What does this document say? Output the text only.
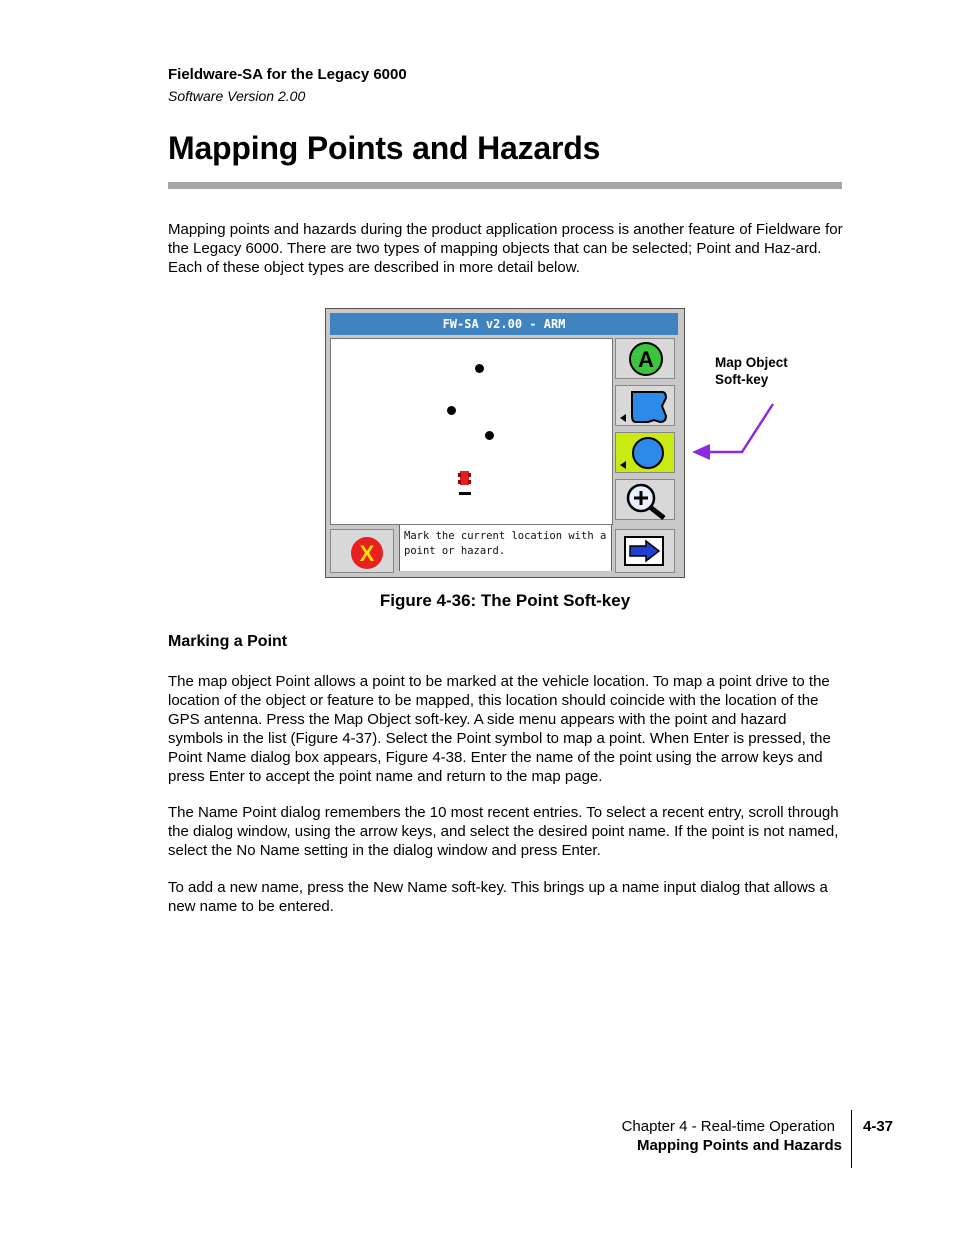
Fieldware-SA for the Legacy 6000
Software Version 2.00
Mapping Points and Hazards
Mapping points and hazards during the product application process is another feature of Fieldware for the Legacy 6000. There are two types of mapping objects that can be selected; Point and Haz-ard. Each of these object types are described in more detail below.
FW-SA v2.00 - ARM
A
X
Mark the current location with a point or hazard.
Map Object Soft-key
Figure 4-36: The Point Soft-key
Marking a Point
The map object Point allows a point to be marked at the vehicle location. To map a point drive to the location of the object or feature to be mapped, this location should coincide with the location of the GPS antenna. Press the Map Object soft-key. A side menu appears with the point and hazard symbols in the list (Figure 4-37). Select the Point symbol to map a point. When Enter is pressed, the Point Name dialog box appears, Figure 4-38. Enter the name of the point using the arrow keys and press Enter to accept the point name and return to the map page.
The Name Point dialog remembers the 10 most recent entries. To select a recent entry, scroll through the dialog window, using the arrow keys, and select the desired point name. If the point is not named, select the No Name setting in the dialog window and press Enter.
To add a new name, press the New Name soft-key. This brings up a name input dialog that allows a new name to be entered.
Chapter 4 - Real-time Operation
Mapping Points and Hazards
4-37
